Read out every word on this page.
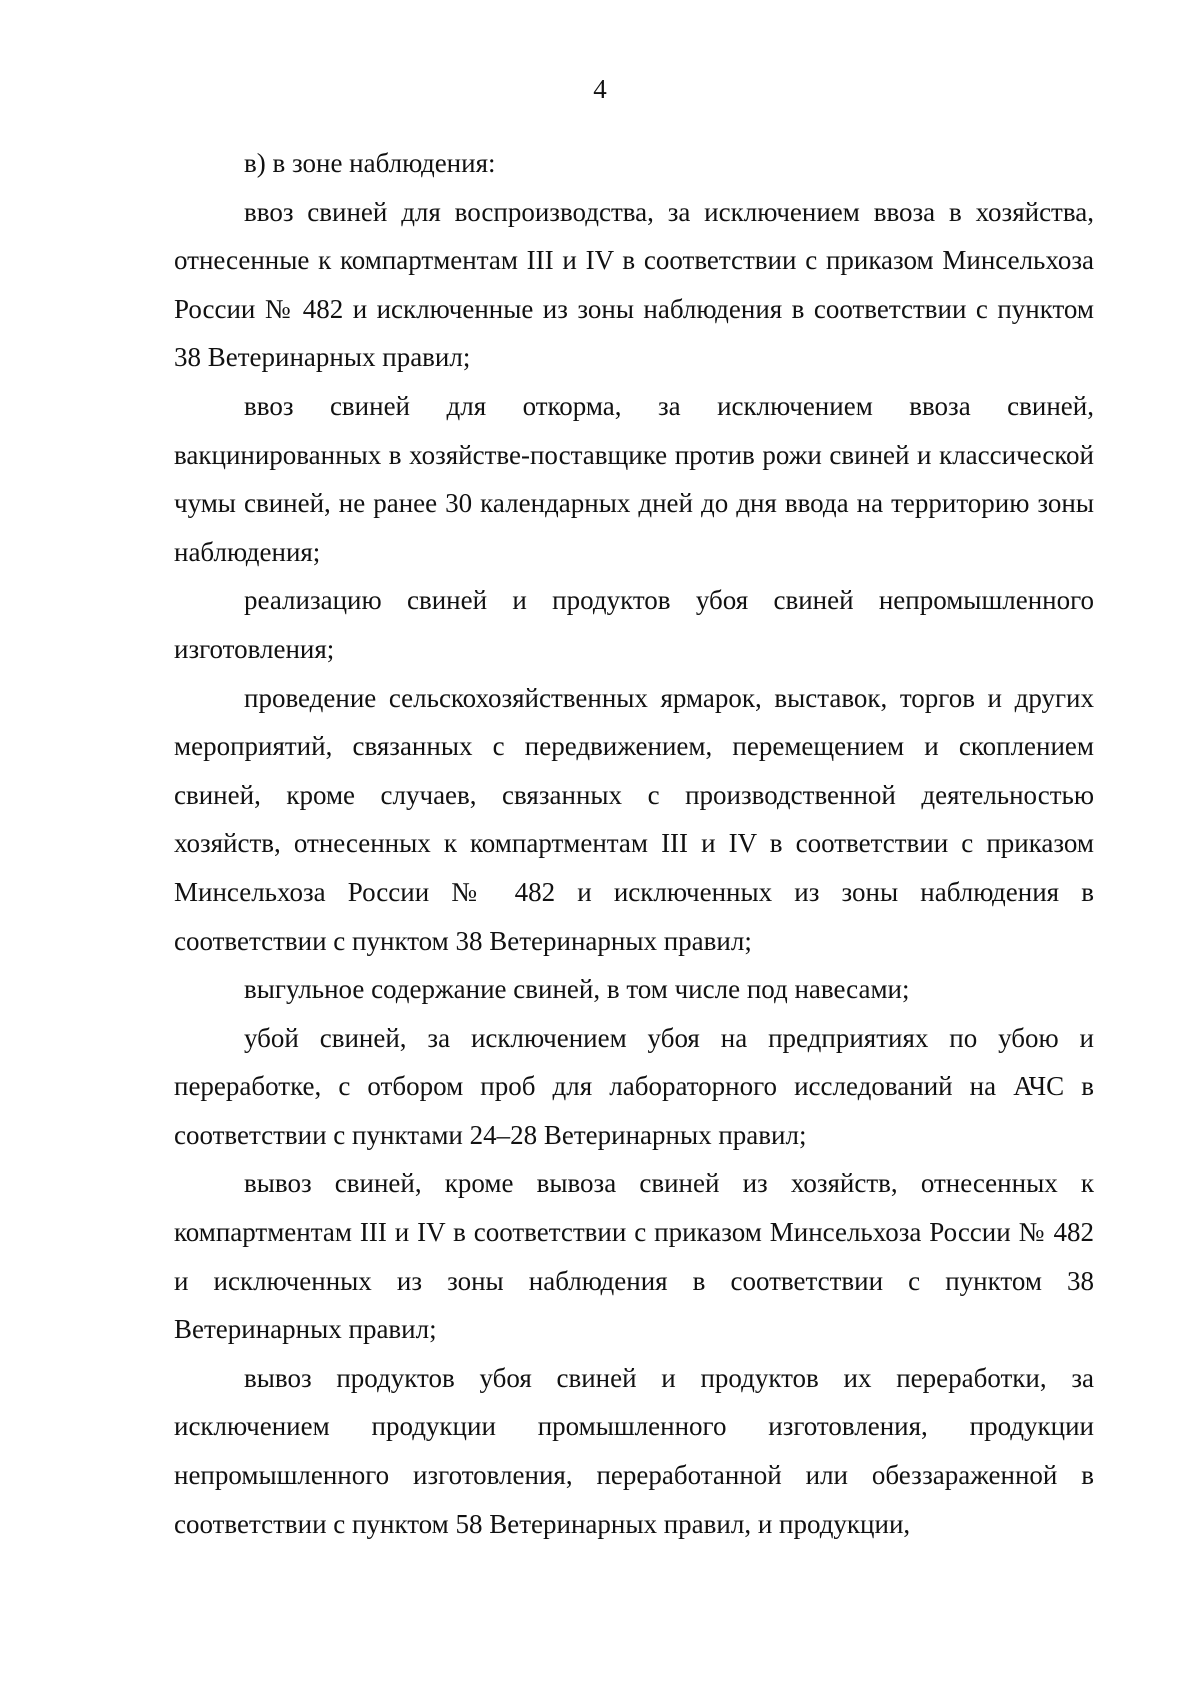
4

в) в зоне наблюдения:

ввоз свиней для воспроизводства, за исключением ввоза в хозяйства, отнесенные к компартментам III и IV в соответствии с приказом Минсельхоза России № 482 и исключенные из зоны наблюдения в соответствии с пунктом 38 Ветеринарных правил;

ввоз свиней для откорма, за исключением ввоза свиней, вакцинированных в хозяйстве-поставщике против рожи свиней и классической чумы свиней, не ранее 30 календарных дней до дня ввода на территорию зоны наблюдения;

реализацию свиней и продуктов убоя свиней непромышленного изготовления;

проведение сельскохозяйственных ярмарок, выставок, торгов и других мероприятий, связанных с передвижением, перемещением и скоплением свиней, кроме случаев, связанных с производственной деятельностью хозяйств, отнесенных к компартментам III и IV в соответствии с приказом Минсельхоза России № 482 и исключенных из зоны наблюдения в соответствии с пунктом 38 Ветеринарных правил;

выгульное содержание свиней, в том числе под навесами;

убой свиней, за исключением убоя на предприятиях по убою и переработке, с отбором проб для лабораторного исследований на АЧС в соответствии с пунктами 24–28 Ветеринарных правил;

вывоз свиней, кроме вывоза свиней из хозяйств, отнесенных к компартментам III и IV в соответствии с приказом Минсельхоза России № 482 и исключенных из зоны наблюдения в соответствии с пунктом 38 Ветеринарных правил;

вывоз продуктов убоя свиней и продуктов их переработки, за исключением продукции промышленного изготовления, продукции непромышленного изготовления, переработанной или обеззараженной в соответствии с пунктом 58 Ветеринарных правил, и продукции,
